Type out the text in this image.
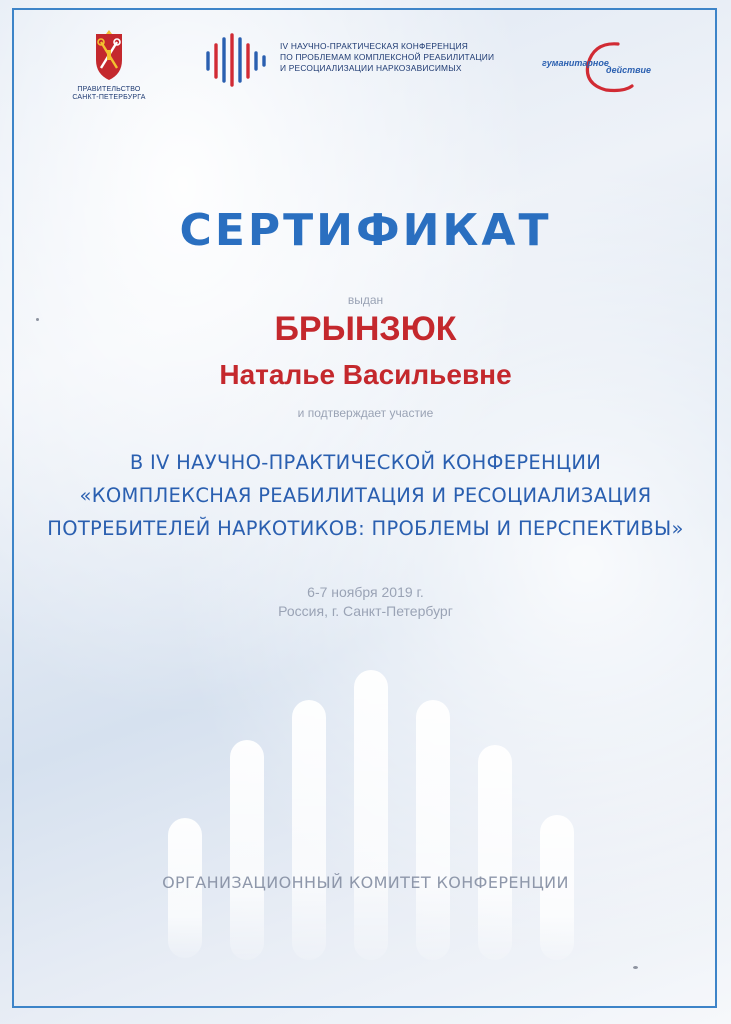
ПРАВИТЕЛЬСТВО
САНКТ-ПЕТЕРБУРГА
IV НАУЧНО-ПРАКТИЧЕСКАЯ КОНФЕРЕНЦИЯ
ПО ПРОБЛЕМАМ КОМПЛЕКСНОЙ РЕАБИЛИТАЦИИ
И РЕСОЦИАЛИЗАЦИИ НАРКОЗАВИСИМЫХ	гуманитарное
действие
СЕРТИФИКАТ
выдан
БРЫНЗЮК
Наталье Васильевне
и подтверждает участие
В IV НАУЧНО-ПРАКТИЧЕСКОЙ КОНФЕРЕНЦИИ
«КОМПЛЕКСНАЯ РЕАБИЛИТАЦИЯ И РЕСОЦИАЛИЗАЦИЯ
ПОТРЕБИТЕЛЕЙ НАРКОТИКОВ: ПРОБЛЕМЫ И ПЕРСПЕКТИВЫ»
6-7 ноября 2019 г.
Россия, г. Санкт-Петербург
ОРГАНИЗАЦИОННЫЙ КОМИТЕТ КОНФЕРЕНЦИИ
